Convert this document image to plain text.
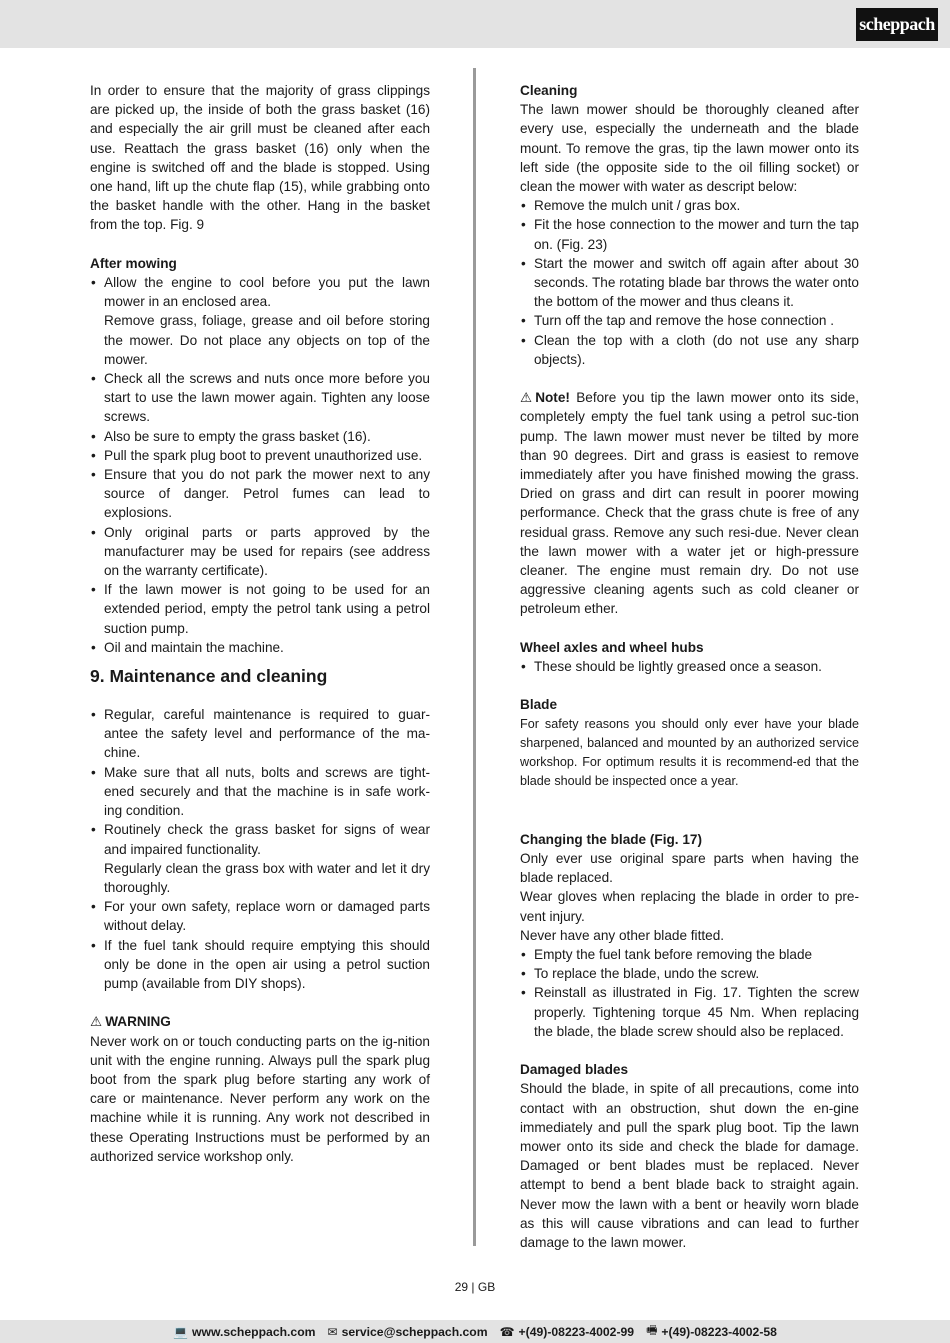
scheppach

In order to ensure that the majority of grass clippings are picked up, the inside of both the grass basket (16) and especially the air grill must be cleaned after each use. Reattach the grass basket (16) only when the engine is switched off and the blade is stopped. Using one hand, lift up the chute flap (15), while grabbing onto the basket handle with the other. Hang in the basket from the top. Fig. 9

After mowing

• Allow the engine to cool before you put the lawn mower in an enclosed area.
Remove grass, foliage, grease and oil before storing the mower. Do not place any objects on top of the mower.
• Check all the screws and nuts once more before you start to use the lawn mower again. Tighten any loose screws.
• Also be sure to empty the grass basket (16).
• Pull the spark plug boot to prevent unauthorized use.
• Ensure that you do not park the mower next to any source of danger. Petrol fumes can lead to explosions.
• Only original parts or parts approved by the manufacturer may be used for repairs (see address on the warranty certificate).
• If the lawn mower is not going to be used for an extended period, empty the petrol tank using a petrol suction pump.
• Oil and maintain the machine.

9. Maintenance and cleaning

• Regular, careful maintenance is required to guar-antee the safety level and performance of the ma-chine.
• Make sure that all nuts, bolts and screws are tight-ened securely and that the machine is in safe work-ing condition.
• Routinely check the grass basket for signs of wear and impaired functionality.
Regularly clean the grass box with water and let it dry thoroughly.
• For your own safety, replace worn or damaged parts without delay.
• If the fuel tank should require emptying this should only be done in the open air using a petrol suction pump (available from DIY shops).

⚠ WARNING

Never work on or touch conducting parts on the ig-nition unit with the engine running. Always pull the spark plug boot from the spark plug before starting any work of care or maintenance. Never perform any work on the machine while it is running. Any work not described in these Operating Instructions must be performed by an authorized service workshop only.

Cleaning

The lawn mower should be thoroughly cleaned after every use, especially the underneath and the blade mount. To remove the gras, tip the lawn mower onto its left side (the opposite side to the oil filling socket) or clean the mower with water as descript below:

• Remove the mulch unit / gras box.
• Fit the hose connection to the mower and turn the tap on. (Fig. 23)
• Start the mower and switch off again after about 30 seconds. The rotating blade bar throws the water onto the bottom of the mower and thus cleans it.
• Turn off the tap and remove the hose connection .
• Clean the top with a cloth (do not use any sharp objects).

⚠ Note! Before you tip the lawn mower onto its side, completely empty the fuel tank using a petrol suc-tion pump. The lawn mower must never be tilted by more than 90 degrees. Dirt and grass is easiest to remove immediately after you have finished mowing the grass. Dried on grass and dirt can result in poorer mowing performance. Check that the grass chute is free of any residual grass. Remove any such resi-due. Never clean the lawn mower with a water jet or high-pressure cleaner. The engine must remain dry. Do not use aggressive cleaning agents such as cold cleaner or petroleum ether.

Wheel axles and wheel hubs

• These should be lightly greased once a season.

Blade

For safety reasons you should only ever have your blade sharpened, balanced and mounted by an authorized service workshop. For optimum results it is recommend-ed that the blade should be inspected once a year.

Changing the blade (Fig. 17)

Only ever use original spare parts when having the blade replaced.

Wear gloves when replacing the blade in order to pre-vent injury.

Never have any other blade fitted.

• Empty the fuel tank before removing the blade
• To replace the blade, undo the screw.
• Reinstall as illustrated in Fig. 17. Tighten the screw properly. Tightening torque 45 Nm. When replacing the blade, the blade screw should also be replaced.

Damaged blades

Should the blade, in spite of all precautions, come into contact with an obstruction, shut down the en-gine immediately and pull the spark plug boot. Tip the lawn mower onto its side and check the blade for damage. Damaged or bent blades must be replaced. Never attempt to bend a bent blade back to straight again. Never mow the lawn with a bent or heavily worn blade as this will cause vibrations and can lead to further damage to the lawn mower.

29 | GB
💻 www.scheppach.com ✉ service@scheppach.com ☎ +(49)-08223-4002-99 🖷 +(49)-08223-4002-58
